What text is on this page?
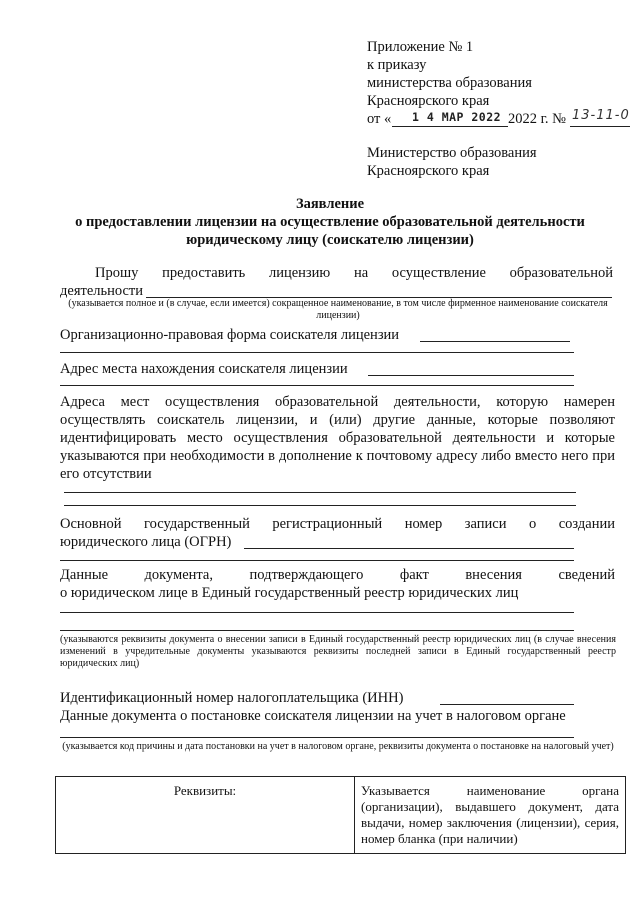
Приложение № 1
к приказу
министерства образования
Красноярского края
от « 1 4 МАР 2022 2022 г. № 13-11-0
Министерство образования
Красноярского края
Заявление
о предоставлении лицензии на осуществление образовательной деятельности
юридическому лицу (соискателю лицензии)
Прошу предоставить лицензию на осуществление образовательной
деятельности
(указывается полное и (в случае, если имеется) сокращенное наименование, в том числе фирменное наименование соискателя лицензии)
Организационно-правовая форма соискателя лицензии
Адрес места нахождения соискателя лицензии
Адреса мест осуществления образовательной деятельности, которую намерен осуществлять соискатель лицензии, и (или) другие данные, которые позволяют идентифицировать место осуществления образовательной деятельности и которые указываются при необходимости в дополнение к почтовому адресу либо вместо него при его отсутствии
Основной государственный регистрационный номер записи о создании
юридического лица (ОГРН)
Данные документа, подтверждающего факт внесения сведений
о юридическом лице в Единый государственный реестр юридических лиц
(указываются реквизиты документа о внесении записи в Единый государственный реестр юридических лиц (в случае внесения изменений в учредительные документы указываются реквизиты последней записи в Единый государственный реестр юридических лиц)
Идентификационный номер налогоплательщика (ИНН)
Данные документа о постановке соискателя лицензии на учет в налоговом органе
(указывается код причины и дата постановки на учет в налоговом органе, реквизиты документа о постановке на налоговый учет)
Реквизиты:	Указывается наименование органа (организации), выдавшего документ, дата выдачи, номер заключения (лицензии), серия, номер бланка (при наличии)
